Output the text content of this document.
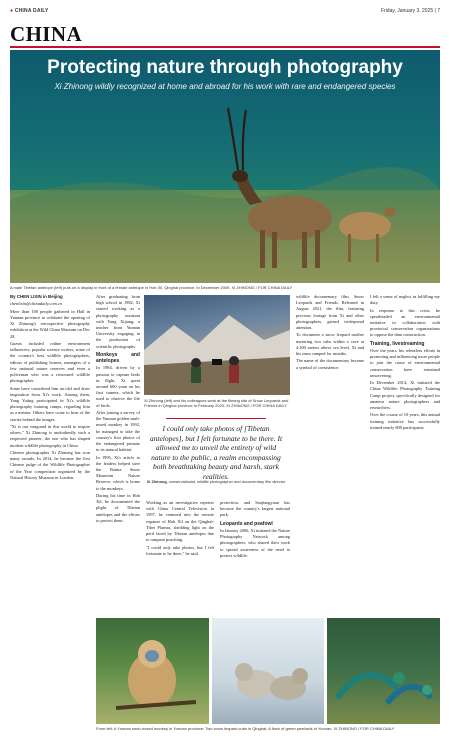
● CHINA DAILY	Friday, January 3, 2025 | 7
CHINA
Protecting nature through photography
Xi Zhinong wildly recognized at home and abroad for his work with rare and endangered species
A male Tibetan antelope (left) puts on a display in front of a female antelope in Hoh Xil, Qinghai province, in December 2009. XI ZHINONG / FOR CHINA DAILY

By CHEN LIXIN in Beijing

chenlixin@chinadaily.com.cn

More than 100 people gathered in Hall in Yunnan province to celebrate the opening of Xi Zhinong's retrospective photography exhibition at the Wild China Museum on Dec 28.

Guests included online environment influencers, popular science writers, some of the country's best wildlife photographers, editors of publishing houses, managers of a few national nature reserves and even a policeman who was a renowned wildlife photographer.

Some have considered him an idol and draw inspiration from Xi's work. Among them, Yang Yuting participated in Xi's wildlife photography training camps, regarding him as a mentor. Others have come to hear of the stories behind the images.

"Xi is our vanguard in this world to inspire others," Xi Zhinong is undoubtedly such a respected pioneer, the one who has shaped modern wildlife photography in China.

Chinese photographer Xi Zhinong has won many awards. In 2014, he became the first Chinese judge of the Wildlife Photographer of the Year competition organized by the Natural History Museum in London.

After graduating from high school in 1982, Xi started working as a photography assistant with Yang Xijiang, a teacher from Yunnan University engaging in the production of scientific photographs.

Monkeys and antelopes

In 1984, driven by a passion to capture birds in flight, Xi spent around 600 yuan on his first camera, which he used to observe the life of birds.

After joining a survey of the Yunnan golden snub-nosed monkey in 1992, he managed to take the country's first photos of the endangered primate in its natural habitat.

In 1995, Xi's article to the leaders helped save the Baima Snow Mountain Nature Reserve, which is home to the monkeys.

During his time in Hoh Xil, he documented the plight of Tibetan antelopes and the efforts to protect them.

Xi Zhinong (left) and his colleagues work at the filming site of Snow Leopards and Friends in Qinghai province in February 2020. XI ZHINONG / FOR CHINA DAILY
I could only take photos of [Tibetan antelopes], but I felt fortunate to be there. It allowed me to unveil the entirety of wild nature to the public, a realm encompassing both breathtaking beauty and harsh, stark realities.
Xi Zhinong, conservationist, wildlife photographer and documentary film director

Working as an investigative reporter with China Central Television in 1997, he ventured into the remote expanse of Hoh Xil on the Qinghai-Tibet Plateau, shedding light on the peril faced by Tibetan antelopes due to rampant poaching.

"I could only take photos, but I felt fortunate to be there," he said.

protection, and Sanjiangyuan has become the country's largest national park.

Leopards and peafowl

In January 2006, Xi initiated the Nature Photography Network among photographers, who shared their work to spread awareness of the need to protect wildlife.

wildlife documentary film, Snow Leopards and Friends. Released in August 2021, the film, featuring precious footage from Xi and other photographers, gained widespread attention.

To document a snow leopard mother nurturing two cubs within a cave at 4,300 meters above sea level, Xi and his team camped for months.

The name of the documentary became a symbol of coexistence.

I felt a sense of neglect in fulfilling my duty.

In response to this crisis, he spearheaded an environmental initiative in collaboration with provincial conservation organizations to oppose the dam construction.

Training, livestreaming

Over the years, his relentless efforts in promoting and influencing more people to join the cause of environmental conservation have remained unwavering.

In December 2014, Xi initiated the China Wildlife Photography Training Camp project, specifically designed for amateur nature photographers and researchers.

Over the course of 10 years, this annual training initiative has successfully trained nearly 800 participants.

From left: A Yunnan snub-nosed monkey in Yunnan province; Two snow leopard cubs in Qinghai; A flock of green peafowls in Yunnan. XI ZHINONG / FOR CHINA DAILY
